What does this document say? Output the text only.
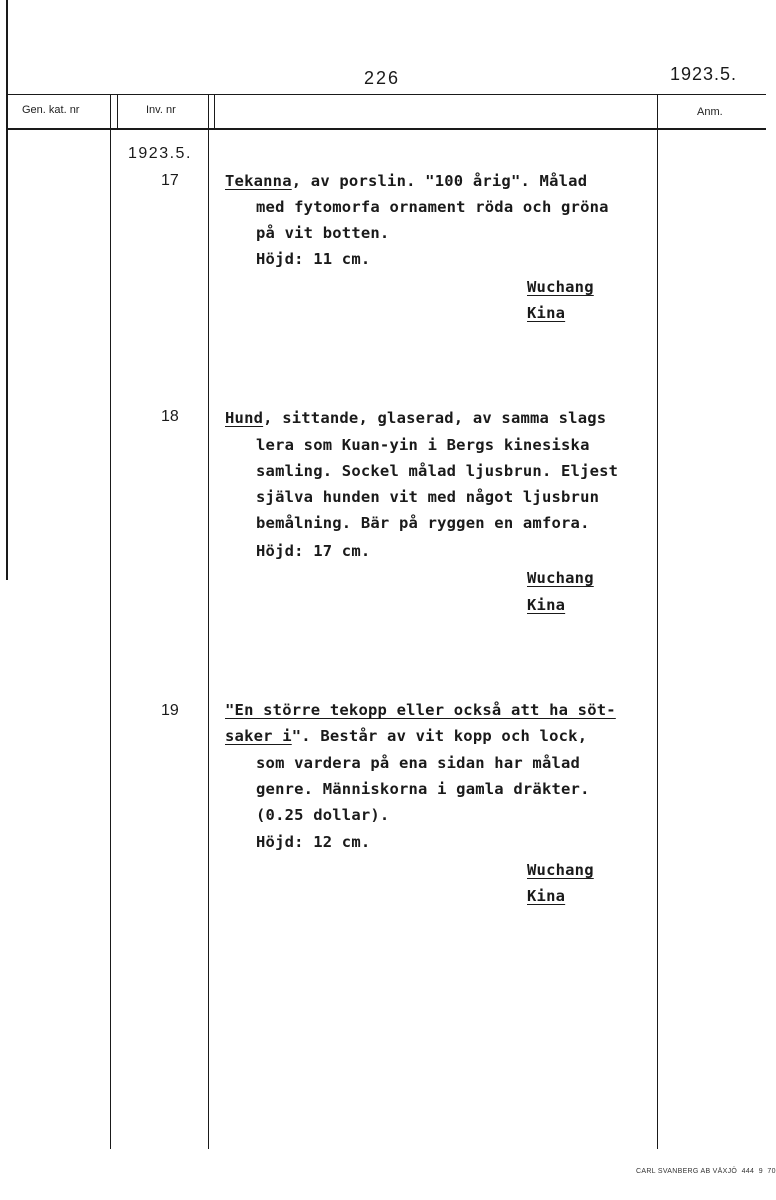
226	1923.5.
Gen. kat. nr	Inv. nr	Anm.
1923.5.
17	Tekanna, av porslin. "100 årig". Målad
med fytomorfa ornament röda och gröna
på vit botten.
Höjd: 11 cm.
Wuchang
Kina
18	Hund, sittande, glaserad, av samma slags
lera som Kuan-yin i Bergs kinesiska
samling. Sockel målad ljusbrun. Eljest
själva hunden vit med något ljusbrun
bemålning. Bär på ryggen en amfora.
Höjd: 17 cm.
Wuchang
Kina
19	"En större tekopp eller också att ha söt-
saker i". Består av vit kopp och lock,
som vardera på ena sidan har målad
genre. Människorna i gamla dräkter.
(0.25 dollar).
Höjd: 12 cm.
Wuchang
Kina
CARL SVANBERG AB VÄXJÖ  444  9  70
